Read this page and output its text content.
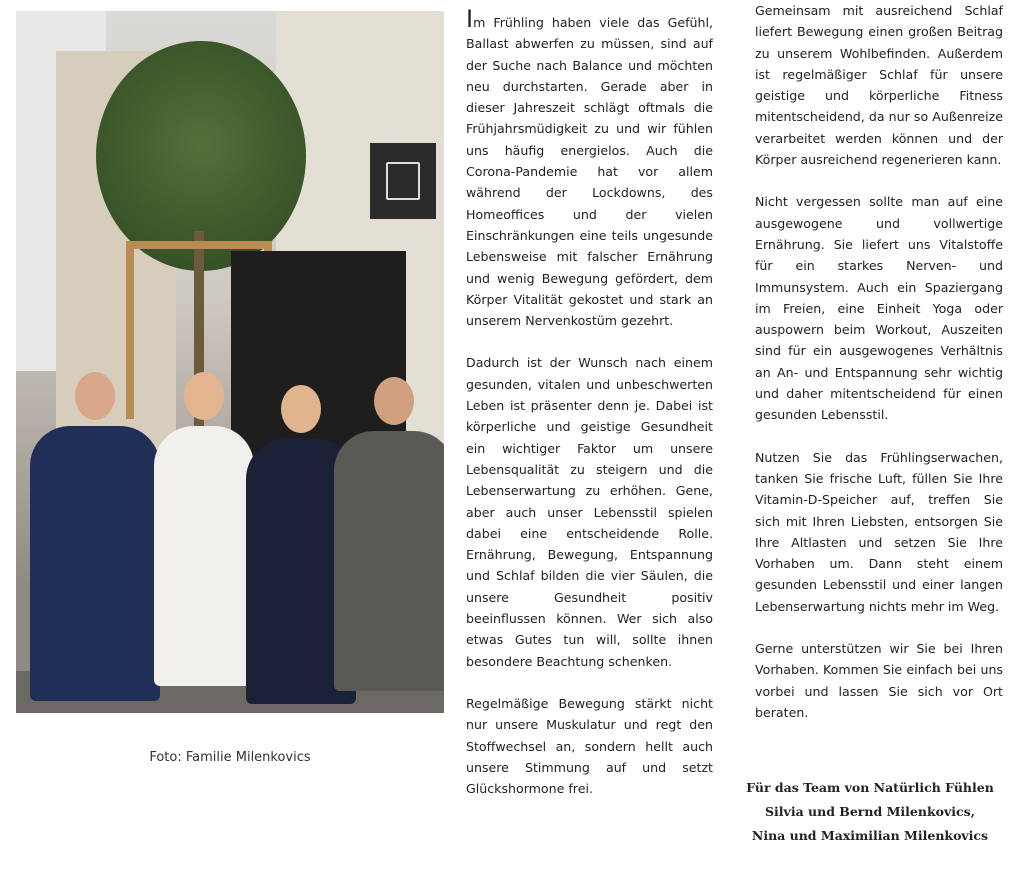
Foto: Familie Milenkovics

Im Frühling haben viele das Gefühl, Ballast abwerfen zu müssen, sind auf der Suche nach Balance und möchten neu durchstarten. Gerade aber in dieser Jahreszeit schlägt oftmals die Frühjahrsmüdigkeit zu und wir fühlen uns häufig energielos. Auch die Corona-Pandemie hat vor allem während der Lockdowns, des Homeoffices und der vielen Einschränkungen eine teils ungesunde Lebensweise mit falscher Ernährung und wenig Bewegung gefördert, dem Körper Vitalität gekostet und stark an unserem Nervenkostüm gezehrt.

Dadurch ist der Wunsch nach einem gesunden, vitalen und unbeschwerten Leben ist präsenter denn je. Dabei ist körperliche und geistige Gesundheit ein wichtiger Faktor um unsere Lebensqualität zu steigern und die Lebenserwartung zu erhöhen. Gene, aber auch unser Lebensstil spielen dabei eine entscheidende Rolle. Ernährung, Bewegung, Entspannung und Schlaf bilden die vier Säulen, die unsere Gesundheit positiv beeinflussen können. Wer sich also etwas Gutes tun will, sollte ihnen besondere Beachtung schenken.

Regelmäßige Bewegung stärkt nicht nur unsere Muskulatur und regt den Stoffwechsel an, sondern hellt auch unsere Stimmung auf und setzt Glückshormone frei.

Gemeinsam mit ausreichend Schlaf liefert Bewegung einen großen Beitrag zu unserem Wohlbefinden. Außerdem ist regelmäßiger Schlaf für unsere geistige und körperliche Fitness mitentscheidend, da nur so Außenreize verarbeitet werden können und der Körper ausreichend regenerieren kann.

Nicht vergessen sollte man auf eine ausgewogene und vollwertige Ernährung. Sie liefert uns Vitalstoffe für ein starkes Nerven- und Immunsystem. Auch ein Spaziergang im Freien, eine Einheit Yoga oder auspowern beim Workout, Auszeiten sind für ein ausgewogenes Verhältnis an An- und Entspannung sehr wichtig und daher mitentscheidend für einen gesunden Lebensstil.

Nutzen Sie das Frühlingserwachen, tanken Sie frische Luft, füllen Sie Ihre Vitamin-D-Speicher auf, treffen Sie sich mit Ihren Liebsten, entsorgen Sie Ihre Altlasten und setzen Sie Ihre Vorhaben um. Dann steht einem gesunden Lebensstil und einer langen Lebenserwartung nichts mehr im Weg.

Gerne unterstützen wir Sie bei Ihren Vorhaben. Kommen Sie einfach bei uns vorbei und lassen Sie sich vor Ort beraten.

Für das Team von Natürlich Fühlen
Silvia und Bernd Milenkovics,
Nina und Maximilian Milenkovics
